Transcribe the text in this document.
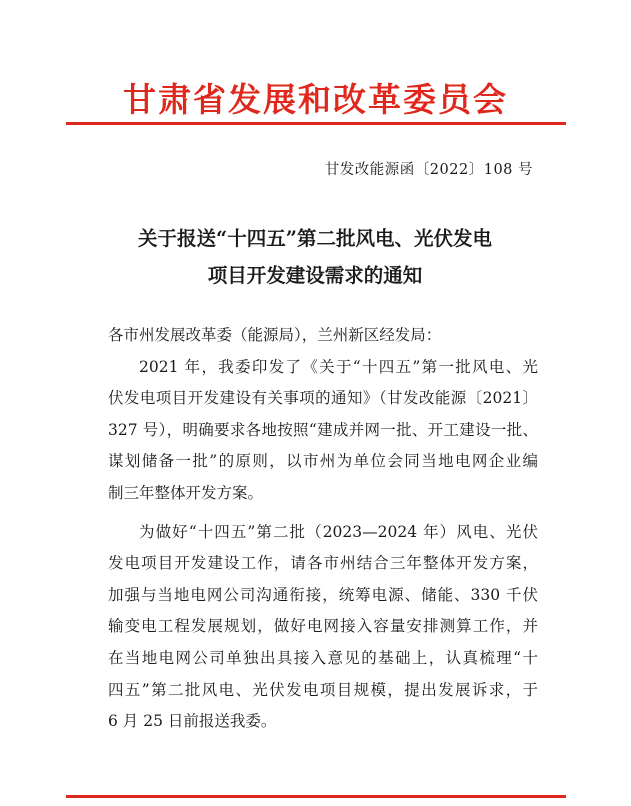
甘肃省发展和改革委员会
甘发改能源函〔2022〕108 号
关于报送“十四五”第二批风电、光伏发电
项目开发建设需求的通知
各市州发展改革委（能源局），兰州新区经发局：
2021 年，我委印发了《关于“十四五”第一批风电、光
伏发电项目开发建设有关事项的通知》（甘发改能源〔2021〕
327 号），明确要求各地按照“建成并网一批、开工建设一批、
谋划储备一批”的原则，以市州为单位会同当地电网企业编
制三年整体开发方案。
为做好“十四五”第二批（2023—2024 年）风电、光伏
发电项目开发建设工作，请各市州结合三年整体开发方案，
加强与当地电网公司沟通衔接，统筹电源、储能、330 千伏
输变电工程发展规划，做好电网接入容量安排测算工作，并
在当地电网公司单独出具接入意见的基础上，认真梳理“十
四五”第二批风电、光伏发电项目规模，提出发展诉求，于
6 月 25 日前报送我委。
